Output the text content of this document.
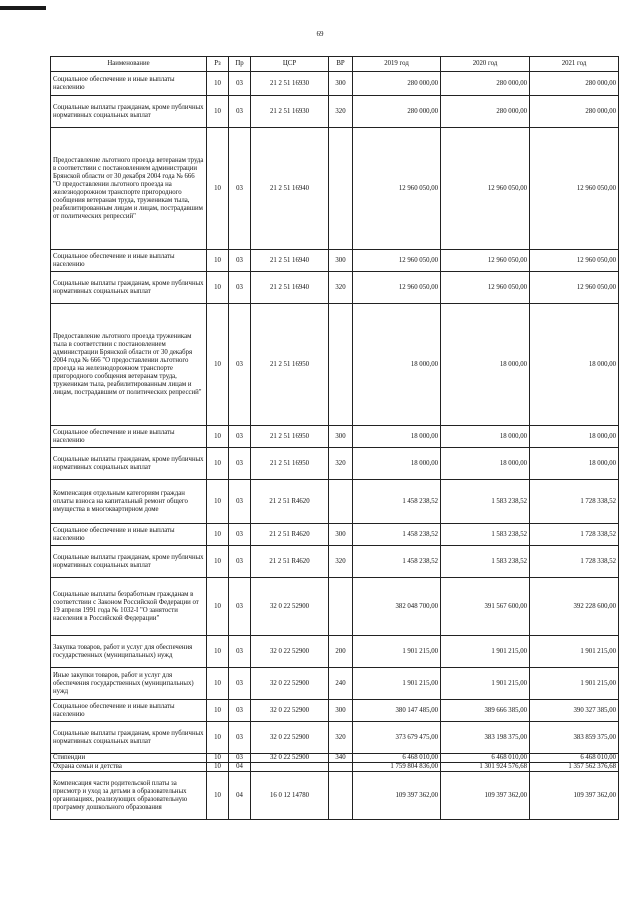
69
Наименование	Рз	Пр	ЦСР	ВР	2019 год	2020 год	2021 год
Социальное обеспечение и иные выплаты населению	10	03	21 2 51 16930	300	280 000,00	280 000,00	280 000,00
Социальные выплаты гражданам, кроме публичных нормативных социальных выплат	10	03	21 2 51 16930	320	280 000,00	280 000,00	280 000,00
Предоставление льготного проезда ветеранам труда в соответствии с постановлением администрации Брянской области от 30 декабря 2004 года № 666 "О предоставлении льготного проезда на железнодорожном транспорте пригородного сообщения ветеранам труда, труженикам тыла, реабилитированным лицам и лицам, пострадавшим от политических репрессий"	10	03	21 2 51 16940		12 960 050,00	12 960 050,00	12 960 050,00
Социальное обеспечение и иные выплаты населению	10	03	21 2 51 16940	300	12 960 050,00	12 960 050,00	12 960 050,00
Социальные выплаты гражданам, кроме публичных нормативных социальных выплат	10	03	21 2 51 16940	320	12 960 050,00	12 960 050,00	12 960 050,00
Предоставление льготного проезда труженикам тыла в соответствии с постановлением администрации Брянской области от 30 декабря 2004 года № 666 "О предоставлении льготного проезда на железнодорожном транспорте пригородного сообщения ветеранам труда, труженикам тыла, реабилитированным лицам и лицам, пострадавшим от политических репрессий"	10	03	21 2 51 16950		18 000,00	18 000,00	18 000,00
Социальное обеспечение и иные выплаты населению	10	03	21 2 51 16950	300	18 000,00	18 000,00	18 000,00
Социальные выплаты гражданам, кроме публичных нормативных социальных выплат	10	03	21 2 51 16950	320	18 000,00	18 000,00	18 000,00
Компенсация отдельным категориям граждан оплаты взноса на капитальный ремонт общего имущества в многоквартирном доме	10	03	21 2 51 R4620		1 458 238,52	1 583 238,52	1 728 338,52
Социальное обеспечение и иные выплаты населению	10	03	21 2 51 R4620	300	1 458 238,52	1 583 238,52	1 728 338,52
Социальные выплаты гражданам, кроме публичных нормативных социальных выплат	10	03	21 2 51 R4620	320	1 458 238,52	1 583 238,52	1 728 338,52
Социальные выплаты безработным гражданам в соответствии с Законом Российской Федерации от 19 апреля 1991 года № 1032-I "О занятости населения в Российской Федерации"	10	03	32 0 22 52900		382 048 700,00	391 567 600,00	392 228 600,00
Закупка товаров, работ и услуг для обеспечения государственных (муниципальных) нужд	10	03	32 0 22 52900	200	1 901 215,00	1 901 215,00	1 901 215,00
Иные закупки товаров, работ и услуг для обеспечения государственных (муниципальных) нужд	10	03	32 0 22 52900	240	1 901 215,00	1 901 215,00	1 901 215,00
Социальное обеспечение и иные выплаты населению	10	03	32 0 22 52900	300	380 147 485,00	389 666 385,00	390 327 385,00
Социальные выплаты гражданам, кроме публичных нормативных социальных выплат	10	03	32 0 22 52900	320	373 679 475,00	383 198 375,00	383 859 375,00
Стипендии	10	03	32 0 22 52900	340	6 468 010,00	6 468 010,00	6 468 010,00
Охрана семьи и детства	10	04			1 759 804 836,00	1 301 924 576,68	1 357 562 376,68
Компенсация части родительской платы за присмотр и уход за детьми в образовательных организациях, реализующих образовательную программу дошкольного образования	10	04	16 0 12 14780		109 397 362,00	109 397 362,00	109 397 362,00
